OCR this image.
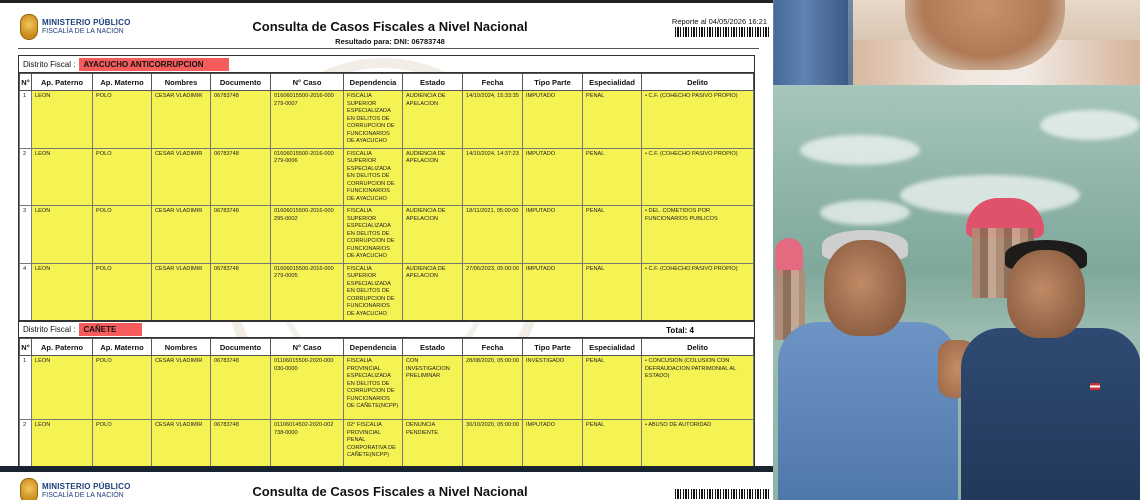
MINISTERIO PÚBLICO
FISCALÍA DE LA NACIÓN	Consulta de Casos Fiscales a Nivel Nacional
Resultado para: DNI: 06783748
Reporte al 04/05/2026 16:21
Distrito Fiscal :	AYACUCHO ANTICORRUPCION
N°	Ap. Paterno	Ap. Materno	Nombres	Documento	N° Caso	Dependencia	Estado	Fecha	Tipo Parte	Especialidad	Delito
1	LEON	POLO	CESAR VLADIMIR	06783748	01606015500-2016-000 279-0007	FISCALIA SUPERIOR ESPECIALIZADA EN DELITOS DE CORRUPCION DE FUNCIONARIOS DE AYACUCHO	AUDIENCIA DE APELACION	14/10/2024, 15:33:35	IMPUTADO	PENAL	• C.F. (COHECHO PASIVO PROPIO)
2	LEON	POLO	CESAR VLADIMIR	06783748	01606015500-2016-000 279-0006	FISCALIA SUPERIOR ESPECIALIZADA EN DELITOS DE CORRUPCION DE FUNCIONARIOS DE AYACUCHO	AUDIENCIA DE APELACION	14/10/2024, 14:37:23	IMPUTADO	PENAL	• C.F. (COHECHO PASIVO PROPIO)
3	LEON	POLO	CESAR VLADIMIR	06783748	01606015500-2016-000 295-0002	FISCALIA SUPERIOR ESPECIALIZADA EN DELITOS DE CORRUPCION DE FUNCIONARIOS DE AYACUCHO	AUDIENCIA DE APELACION	18/11/2021, 05:00:00	IMPUTADO	PENAL	• DEL. COMETIDOS POR FUNCIONARIOS PUBLICOS
4	LEON	POLO	CESAR VLADIMIR	06783748	01606015500-2016-000 279-0005	FISCALIA SUPERIOR ESPECIALIZADA EN DELITOS DE CORRUPCION DE FUNCIONARIOS DE AYACUCHO	AUDIENCIA DE APELACION	27/06/2023, 05:00:00	IMPUTADO	PENAL	• C.F. (COHECHO PASIVO PROPIO)
Total: 4
Distrito Fiscal :	CAÑETE
N°	Ap. Paterno	Ap. Materno	Nombres	Documento	N° Caso	Dependencia	Estado	Fecha	Tipo Parte	Especialidad	Delito
1	LEON	POLO	CESAR VLADIMIR	06783748	01106015500-2020-000 030-0000	FISCALIA PROVINCIAL ESPECIALIZADA EN DELITOS DE CORRUPCION DE FUNCIONARIOS DE CAÑETE(NCPP)	CON INVESTIGACION PRELIMINAR	28/08/2020, 05:00:00	INVESTIGADO	PENAL	• CONCUSION (COLUSION CON DEFRAUDACION PATRIMONIAL AL ESTADO)
2	LEON	POLO	CESAR VLADIMIR	06783748	01106014502-2020-002 738-0000	02° FISCALIA PROVINCIAL PENAL CORPORATIVA DE CAÑETE(NCPP)	DENUNCIA PENDIENTE	30/10/2020, 05:00:00	IMPUTADO	PENAL	• ABUSO DE AUTORIDAD

MINISTERIO PÚBLICO
FISCALÍA DE LA NACIÓN	Consulta de Casos Fiscales a Nivel Nacional
